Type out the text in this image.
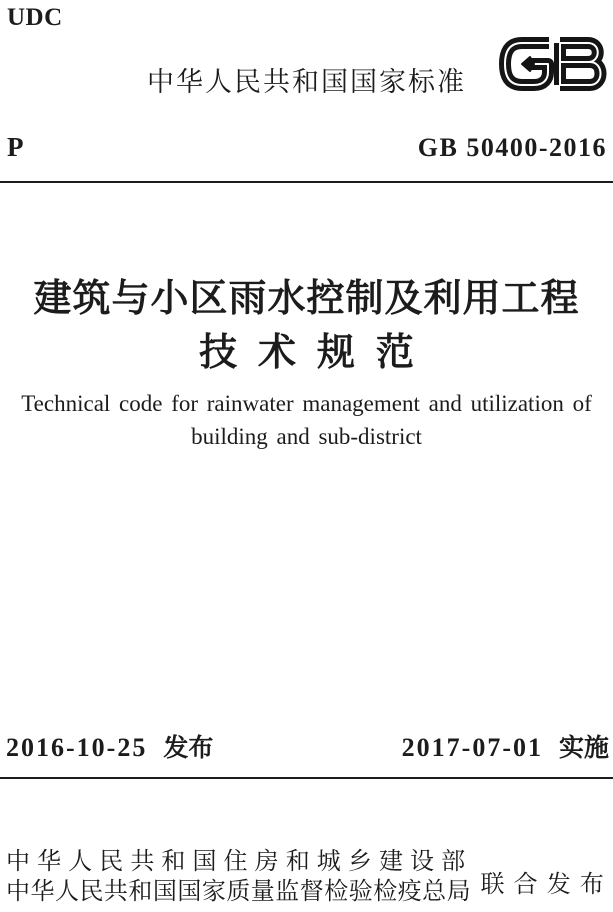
UDC
中华人民共和国国家标准
P	GB 50400-2016
建筑与小区雨水控制及利用工程
技术规范
Technical code for rainwater management and utilization of
building and sub-district
2016-10-25 发布	2017-07-01 实施
中华人民共和国住房和城乡建设部
中华人民共和国国家质量监督检验检疫总局 联合发布
